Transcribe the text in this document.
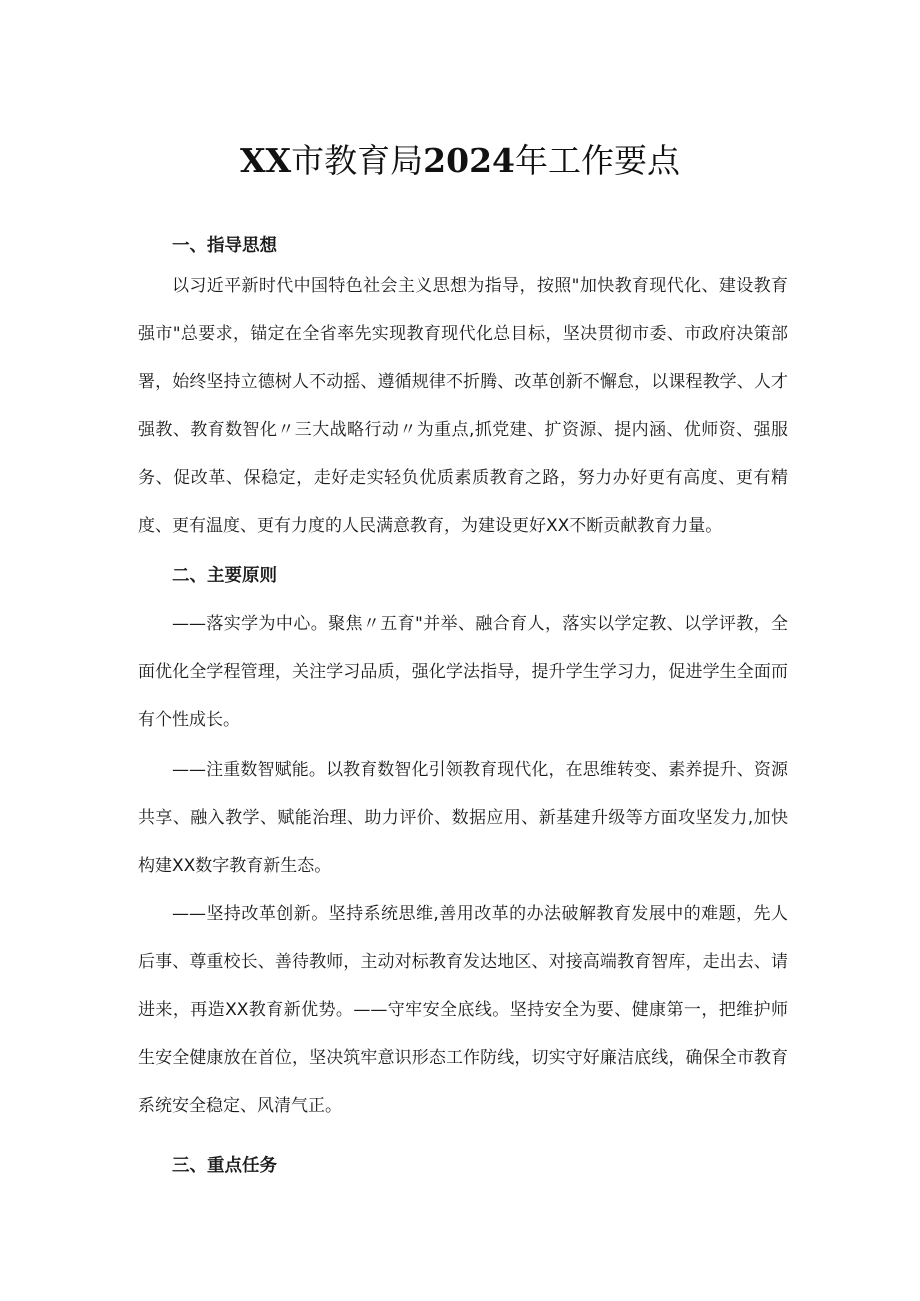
XX市教育局2024年工作要点
一、指导思想

以习近平新时代中国特色社会主义思想为指导，按照"加快教育现代化、建设教育强市"总要求，锚定在全省率先实现教育现代化总目标，坚决贯彻市委、市政府决策部署，始终坚持立德树人不动摇、遵循规律不折腾、改革创新不懈怠，以课程教学、人才强教、教育数智化〃三大战略行动〃为重点,抓党建、扩资源、提内涵、优师资、强服务、促改革、保稳定，走好走实轻负优质素质教育之路，努力办好更有高度、更有精度、更有温度、更有力度的人民满意教育，为建设更好XX不断贡献教育力量。

二、主要原则

——落实学为中心。聚焦〃五育"并举、融合育人，落实以学定教、以学评教，全面优化全学程管理，关注学习品质，强化学法指导，提升学生学习力，促进学生全面而有个性成长。

——注重数智赋能。以教育数智化引领教育现代化，在思维转变、素养提升、资源共享、融入教学、赋能治理、助力评价、数据应用、新基建升级等方面攻坚发力,加快构建XX数字教育新生态。

——坚持改革创新。坚持系统思维,善用改革的办法破解教育发展中的难题，先人后事、尊重校长、善待教师，主动对标教育发达地区、对接高端教育智库，走出去、请进来，再造XX教育新优势。——守牢安全底线。坚持安全为要、健康第一，把维护师生安全健康放在首位，坚决筑牢意识形态工作防线，切实守好廉洁底线，确保全市教育系统安全稳定、风清气正。

三、重点任务
